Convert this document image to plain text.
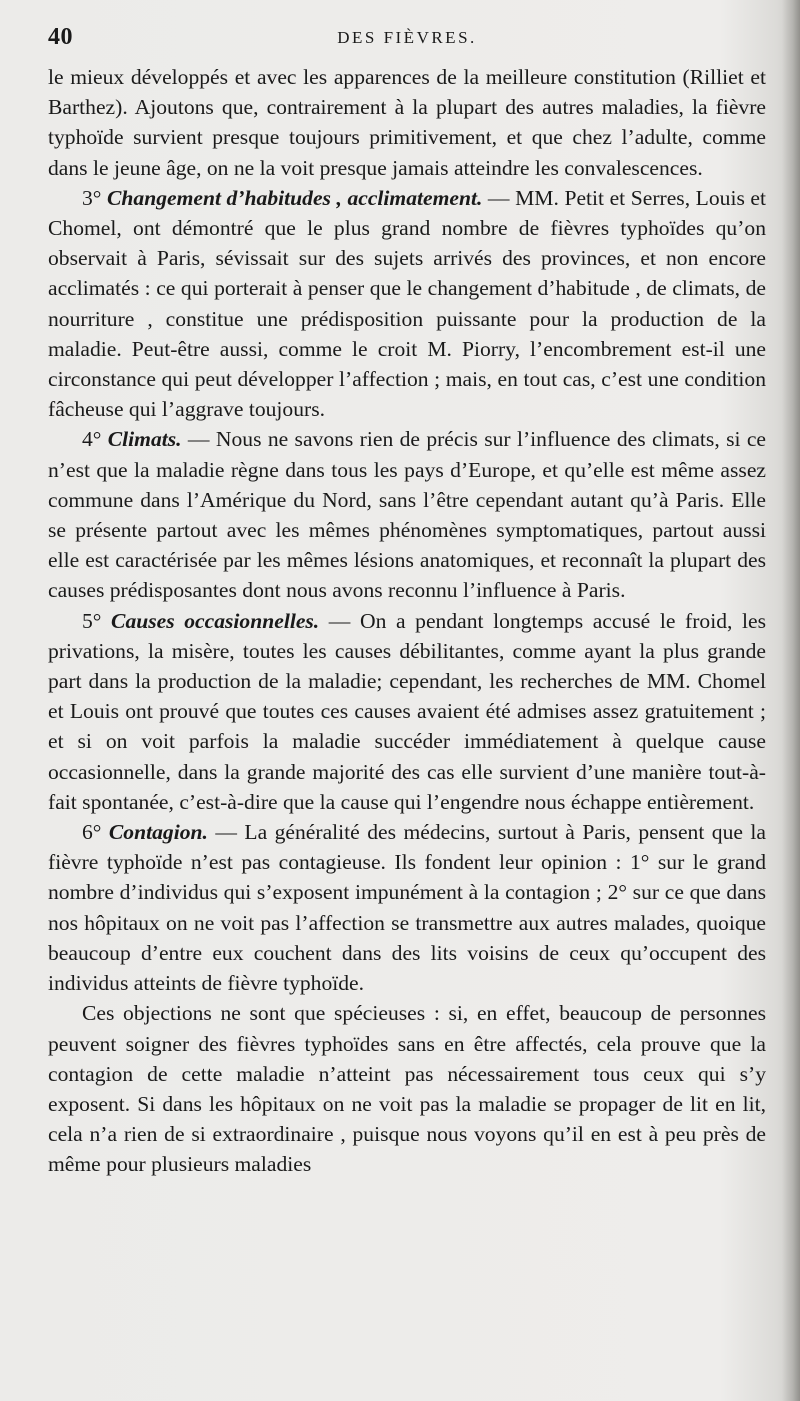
40	DES FIÈVRES.

le mieux développés et avec les apparences de la meilleure constitution (Rilliet et Barthez). Ajoutons que, contrairement à la plupart des autres maladies, la fièvre typhoïde survient presque toujours primitivement, et que chez l’adulte, comme dans le jeune âge, on ne la voit presque jamais atteindre les convalescences.

3° Changement d’habitudes , acclimatement. — MM. Petit et Serres, Louis et Chomel, ont démontré que le plus grand nombre de fièvres typhoïdes qu’on observait à Paris, sévissait sur des sujets arrivés des provinces, et non encore acclimatés : ce qui porterait à penser que le changement d’habitude , de climats, de nourriture , constitue une prédisposition puissante pour la production de la maladie. Peut-être aussi, comme le croit M. Piorry, l’encombrement est-il une circonstance qui peut développer l’affection ; mais, en tout cas, c’est une condition fâcheuse qui l’aggrave toujours.

4° Climats. — Nous ne savons rien de précis sur l’influence des climats, si ce n’est que la maladie règne dans tous les pays d’Europe, et qu’elle est même assez commune dans l’Amérique du Nord, sans l’être cependant autant qu’à Paris. Elle se présente partout avec les mêmes phénomènes symptomatiques, partout aussi elle est caractérisée par les mêmes lésions anatomiques, et reconnaît la plupart des causes prédisposantes dont nous avons reconnu l’influence à Paris.

5° Causes occasionnelles. — On a pendant longtemps accusé le froid, les privations, la misère, toutes les causes débilitantes, comme ayant la plus grande part dans la production de la maladie; cependant, les recherches de MM. Chomel et Louis ont prouvé que toutes ces causes avaient été admises assez gratuitement ; et si on voit parfois la maladie succéder immédiatement à quelque cause occasionnelle, dans la grande majorité des cas elle survient d’une manière tout-à-fait spontanée, c’est-à-dire que la cause qui l’engendre nous échappe entièrement.

6° Contagion. — La généralité des médecins, surtout à Paris, pensent que la fièvre typhoïde n’est pas contagieuse. Ils fondent leur opinion : 1° sur le grand nombre d’individus qui s’exposent impunément à la contagion ; 2° sur ce que dans nos hôpitaux on ne voit pas l’affection se transmettre aux autres malades, quoique beaucoup d’entre eux couchent dans des lits voisins de ceux qu’occupent des individus atteints de fièvre typhoïde.

Ces objections ne sont que spécieuses : si, en effet, beaucoup de personnes peuvent soigner des fièvres typhoïdes sans en être affectés, cela prouve que la contagion de cette maladie n’atteint pas nécessairement tous ceux qui s’y exposent. Si dans les hôpitaux on ne voit pas la maladie se propager de lit en lit, cela n’a rien de si extraordinaire , puisque nous voyons qu’il en est à peu près de même pour plusieurs maladies
